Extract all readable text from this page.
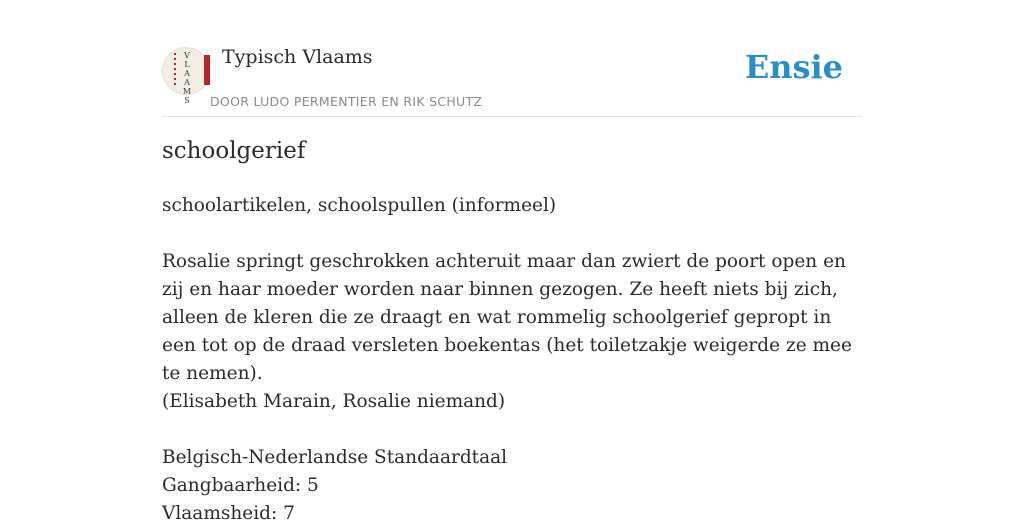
V
L
A
A
M
S
Typisch Vlaams
DOOR LUDO PERMENTIER EN RIK SCHUTZ
Ensie
schoolgerief

schoolartikelen, schoolspullen (informeel)

Rosalie springt geschrokken achteruit maar dan zwiert de poort open en zij en haar moeder worden naar binnen gezogen. Ze heeft niets bij zich, alleen de kleren die ze draagt en wat rommelig schoolgerief gepropt in een tot op de draad versleten boekentas (het toiletzakje weigerde ze mee te nemen).

(Elisabeth Marain, Rosalie niemand)

Belgisch-Nederlandse Standaardtaal

Gangbaarheid: 5

Vlaamsheid: 7
